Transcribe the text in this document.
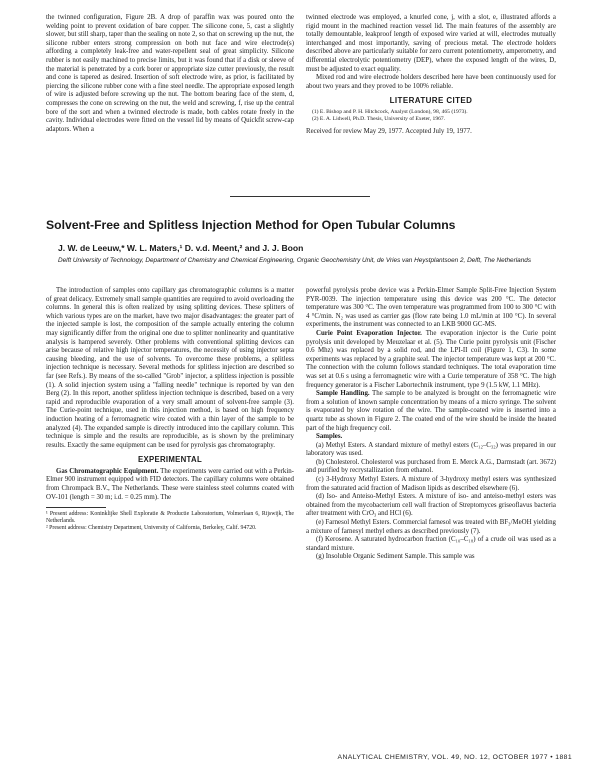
the twinned configuration, Figure 2B. A drop of paraffin wax was poured onto the welding point to prevent oxidation of bare copper. The silicone cone, 5, cast a slightly slower, but still sharp, taper than the sealing on note 2, so that on screwing up the nut, the silicone rubber enters strong compression on both nut face and wire electrode(s) affording a completely leak-free and water-repellent seal of great simplicity. Silicone rubber is not easily machined to precise limits, but it was found that if a disk or sleeve of the material is penetrated by a cork borer or appropriate size cutter previously, the result and cone is tapered as desired. Insertion of soft electrode wire, as prior, is facilitated by piercing the silicone rubber cone with a fine steel needle. The appropriate exposed length of wire is adjusted before screwing up the nut. The bottom bearing face of the stem, d, compresses the cone on screwing on the nut, the weld and screwing, f, rise up the central bore of the sort and when a twinned electrode is made, both cables rotate freely in the cavity. Individual electrodes were fitted on the vessel lid by means of Quickfit screw-cap adaptors. When a

twinned electrode was employed, a knurled cone, j, with a slot, e, illustrated affords a rigid mount in the machined reaction vessel lid. The main features of the assembly are totally demountable, leakproof length of exposed wire varied at will, electrodes mutually interchanged and most importantly, saving of precious metal. The electrode holders described above are particularly suitable for zero current potentiometry, amperometry, and differential electrolytic potentiometry (DEP), where the exposed length of the wires, D, must be adjusted to exact equality.

Mixed rod and wire electrode holders described here have been continuously used for about two years and they proved to be 100% reliable.

LITERATURE CITED
(1) E. Bishop and P. H. Hitchcock, Analyst (London), 98, 465 (1973).
(2) E. A. Lidwell, Ph.D. Thesis, University of Exeter, 1967.
Received for review May 29, 1977. Accepted July 19, 1977.
Solvent-Free and Splitless Injection Method for Open Tubular Columns
J. W. de Leeuw,* W. L. Maters,¹ D. v.d. Meent,² and J. J. Boon
Delft University of Technology, Department of Chemistry and Chemical Engineering, Organic Geochemistry Unit, de Vries van Heystplantsoen 2, Delft, The Netherlands

The introduction of samples onto capillary gas chromatographic columns is a matter of great delicacy. Extremely small sample quantities are required to avoid overloading the columns. In general this is often realized by using splitting devices. These splitters of which various types are on the market, have two major disadvantages: the greater part of the injected sample is lost, the composition of the sample actually entering the column may significantly differ from the original one due to splitter nonlinearity and quantitative analysis is hampered severely. Other problems with conventional splitting devices can arise because of relative high injector temperatures, the necessity of using injector septa causing bleeding, and the use of solvents. To overcome these problems, a splitless injection technique is necessary. Several methods for splitless injection are described so far (see Refs.). By means of the so-called "Grob" injector, a splitless injection is possible (1). A solid injection system using a "falling needle" technique is reported by van den Berg (2). In this report, another splitless injection technique is described, based on a very rapid and reproducible evaporation of a very small amount of solvent-free sample (3). The Curie-point technique, used in this injection method, is based on high frequency induction heating of a ferromagnetic wire coated with a thin layer of the sample to be analyzed (4). The expanded sample is directly introduced into the capillary column. This technique is simple and the results are reproducible, as is shown by the preliminary results. Exactly the same equipment can be used for pyrolysis gas chromatography.

EXPERIMENTAL

Gas Chromatographic Equipment. The experiments were carried out with a Perkin-Elmer 900 instrument equipped with FID detectors. The capillary columns were obtained from Chrompack B.V., The Netherlands. These were stainless steel columns coated with OV-101 (length = 30 m; i.d. = 0.25 mm). The

¹ Present address: Koninklijke Shell Exploratie & Productie Laboratorium, Volmerlaan 6, Rijswijk, The Netherlands.
² Present address: Chemistry Department, University of California, Berkeley, Calif. 94720.

powerful pyrolysis probe device was a Perkin-Elmer Sample Split-Free Injection System PYR-0039. The injection temperature using this device was 200 °C. The detector temperature was 300 °C. The oven temperature was programmed from 100 to 300 °C with 4 °C/min. N₂ was used as carrier gas (flow rate being 1.0 mL/min at 100 °C). In several experiments, the instrument was connected to an LKB 9000 GC-MS.

Curie Point Evaporation Injector. The evaporation injector is the Curie point pyrolysis unit developed by Meuzelaar et al. (5). The Curie point pyrolysis unit (Fischer 0.6 Mhz) was replaced by a solid rod, and the LPI-II coil (Figure 1, C3). In some experiments was replaced by a graphite seal. The injector temperature was kept at 200 °C. The connection with the column follows standard techniques. The total evaporation time was set at 0.6 s using a ferromagnetic wire with a Curie temperature of 358 °C. The high frequency generator is a Fischer Labortechnik instrument, type 9 (1.5 kW, 1.1 MHz).

Sample Handling. The sample to be analyzed is brought on the ferromagnetic wire from a solution of known sample concentration by means of a micro syringe. The solvent is evaporated by slow rotation of the wire. The sample-coated wire is inserted into a quartz tube as shown in Figure 2. The coated end of the wire should be inside the heated part of the high frequency coil.

Samples.

(a) Methyl Esters. A standard mixture of methyl esters (C₁₂–C₃₂) was prepared in our laboratory was used.

(b) Cholesterol. Cholesterol was purchased from E. Merck A.G., Darmstadt (art. 3672) and purified by recrystallization from ethanol.

(c) 3-Hydroxy Methyl Esters. A mixture of 3-hydroxy methyl esters was synthesized from the saturated acid fraction of Madison lipids as described elsewhere (6).

(d) Iso- and Anteiso-Methyl Esters. A mixture of iso- and anteiso-methyl esters was obtained from the mycobacterium cell wall fraction of Streptomyces griseoflavus bacteria after treatment with CrO₃ and HCl (6).

(e) Farnesol Methyl Esters. Commercial farnesol was treated with BF₃/MeOH yielding a mixture of farnesyl methyl ethers as described previously (7).

(f) Kerosene. A saturated hydrocarbon fraction (C₁₀–C₁₈) of a crude oil was used as a standard mixture.

(g) Insoluble Organic Sediment Sample. This sample was

ANALYTICAL CHEMISTRY, VOL. 49, NO. 12, OCTOBER 1977 • 1881
